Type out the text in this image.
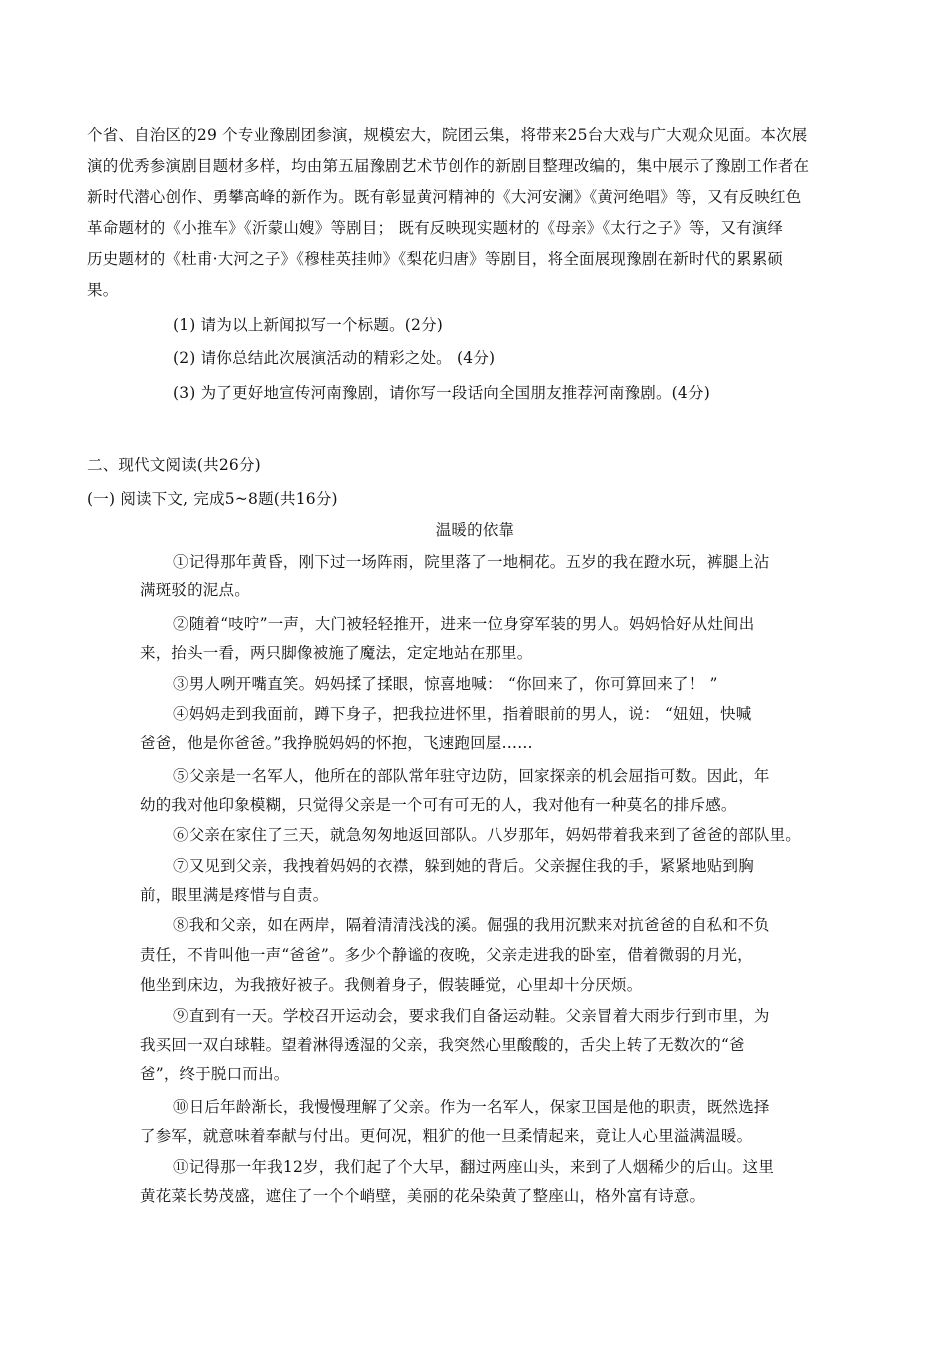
个省、自治区的29 个专业豫剧团参演，规模宏大，院团云集，将带来25台大戏与广大观众见面。本次展
演的优秀参演剧目题材多样，均由第五届豫剧艺术节创作的新剧目整理改编的，集中展示了豫剧工作者在
新时代潜心创作、勇攀高峰的新作为。既有彰显黄河精神的《大河安澜》《黄河绝唱》等，又有反映红色
革命题材的《小推车》《沂蒙山嫂》等剧目； 既有反映现实题材的《母亲》《太行之子》等，又有演绎
历史题材的《杜甫·大河之子》《穆桂英挂帅》《梨花归唐》等剧目，将全面展现豫剧在新时代的累累硕
果。
(1) 请为以上新闻拟写一个标题。(2分)
(2) 请你总结此次展演活动的精彩之处。 (4分)
(3) 为了更好地宣传河南豫剧，请你写一段话向全国朋友推荐河南豫剧。(4分)
二、现代文阅读(共26分)
(一) 阅读下文, 完成5~8题(共16分)
温暖的依靠
①记得那年黄昏，刚下过一场阵雨，院里落了一地桐花。五岁的我在蹬水玩，裤腿上沾
满斑驳的泥点。
②随着“吱咛”一声，大门被轻轻推开，进来一位身穿军装的男人。妈妈恰好从灶间出
来，抬头一看，两只脚像被施了魔法，定定地站在那里。
③男人咧开嘴直笑。妈妈揉了揉眼，惊喜地喊： “你回来了，你可算回来了！ ”
④妈妈走到我面前，蹲下身子，把我拉进怀里，指着眼前的男人，说： “妞妞，快喊
爸爸，他是你爸爸。”我挣脱妈妈的怀抱，飞速跑回屋……
⑤父亲是一名军人，他所在的部队常年驻守边防，回家探亲的机会屈指可数。因此，年
幼的我对他印象模糊，只觉得父亲是一个可有可无的人，我对他有一种莫名的排斥感。
⑥父亲在家住了三天，就急匆匆地返回部队。八岁那年，妈妈带着我来到了爸爸的部队里。
⑦又见到父亲，我拽着妈妈的衣襟，躲到她的背后。父亲握住我的手，紧紧地贴到胸
前，眼里满是疼惜与自责。
⑧我和父亲，如在两岸，隔着清清浅浅的溪。倔强的我用沉默来对抗爸爸的自私和不负
责任，不肯叫他一声“爸爸”。多少个静谧的夜晚，父亲走进我的卧室，借着微弱的月光，
他坐到床边，为我掖好被子。我侧着身子，假装睡觉，心里却十分厌烦。
⑨直到有一天。学校召开运动会，要求我们自备运动鞋。父亲冒着大雨步行到市里，为
我买回一双白球鞋。望着淋得透湿的父亲，我突然心里酸酸的，舌尖上转了无数次的“爸
爸”，终于脱口而出。
⑩日后年龄渐长，我慢慢理解了父亲。作为一名军人，保家卫国是他的职责，既然选择
了参军，就意味着奉献与付出。更何况，粗犷的他一旦柔情起来，竟让人心里溢满温暖。
⑪记得那一年我12岁，我们起了个大早，翻过两座山头，来到了人烟稀少的后山。这里
黄花菜长势茂盛，遮住了一个个峭壁，美丽的花朵染黄了整座山，格外富有诗意。
